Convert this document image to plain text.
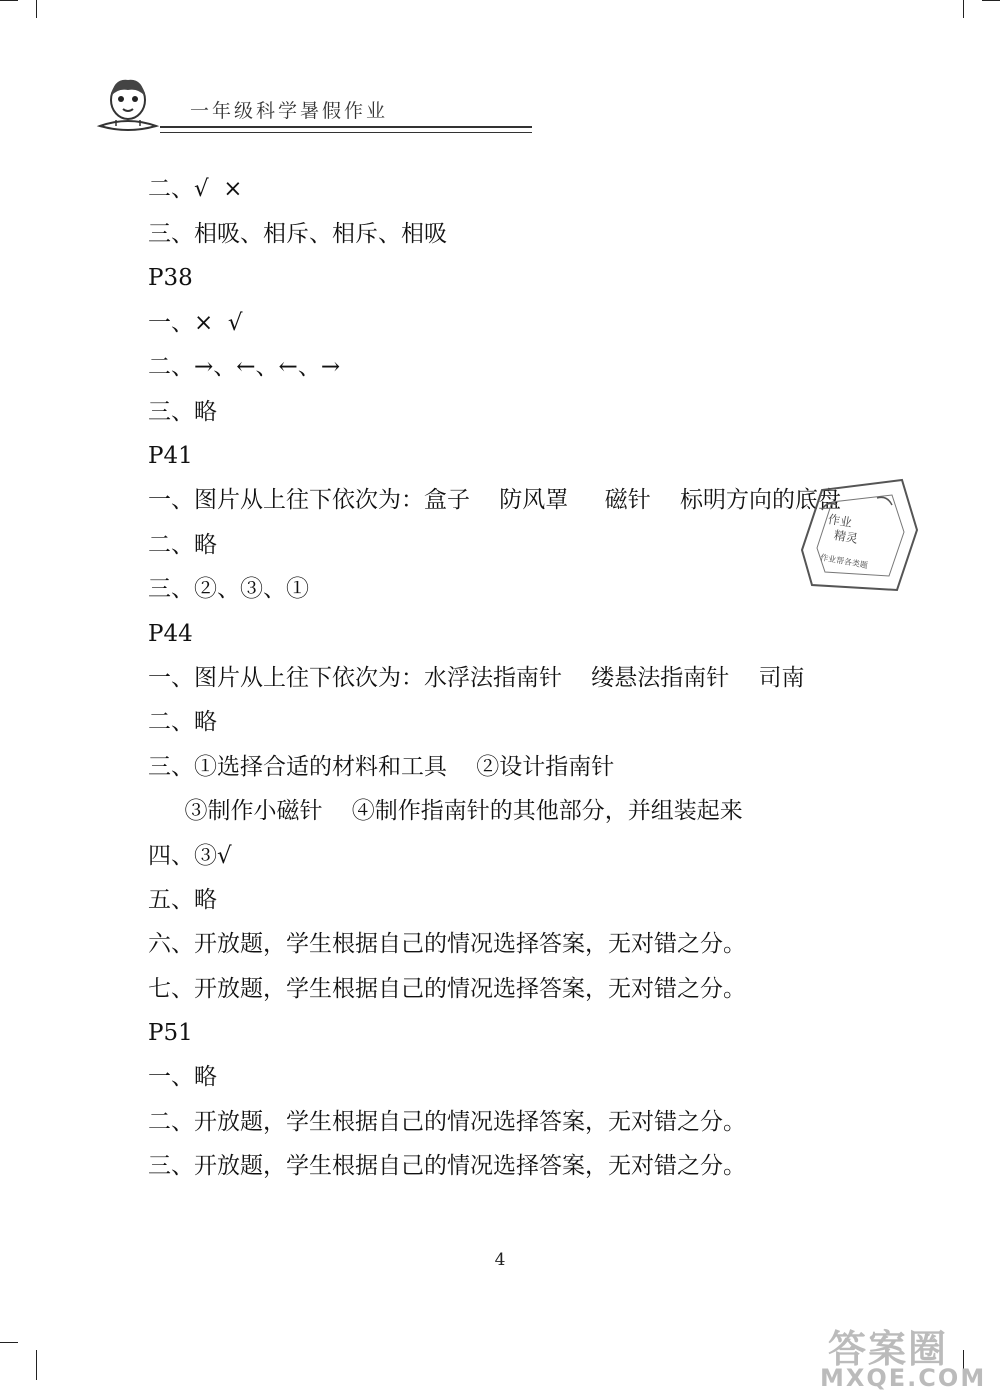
一年级科学暑假作业
​
二、√  ×
三、相吸、相斥、相斥、相吸
P38
一、×  √
二、→、←、←、→
三、略
P41
一、图片从上往下依次为：盒子    防风罩     磁针    标明方向的底盘
二、略
三、②、③、①
P44
一、图片从上往下依次为：水浮法指南针    缕悬法指南针    司南
二、略
三、①选择合适的材料和工具    ②设计指南针
③制作小磁针    ④制作指南针的其他部分，并组装起来
四、③√
五、略
六、开放题，学生根据自己的情况选择答案，无对错之分。
七、开放题，学生根据自己的情况选择答案，无对错之分。
P51
一、略
二、开放题，学生根据自己的情况选择答案，无对错之分。
三、开放题，学生根据自己的情况选择答案，无对错之分。
作业
精灵
作业帮各类题
4
答案圈
MXQE.COM
